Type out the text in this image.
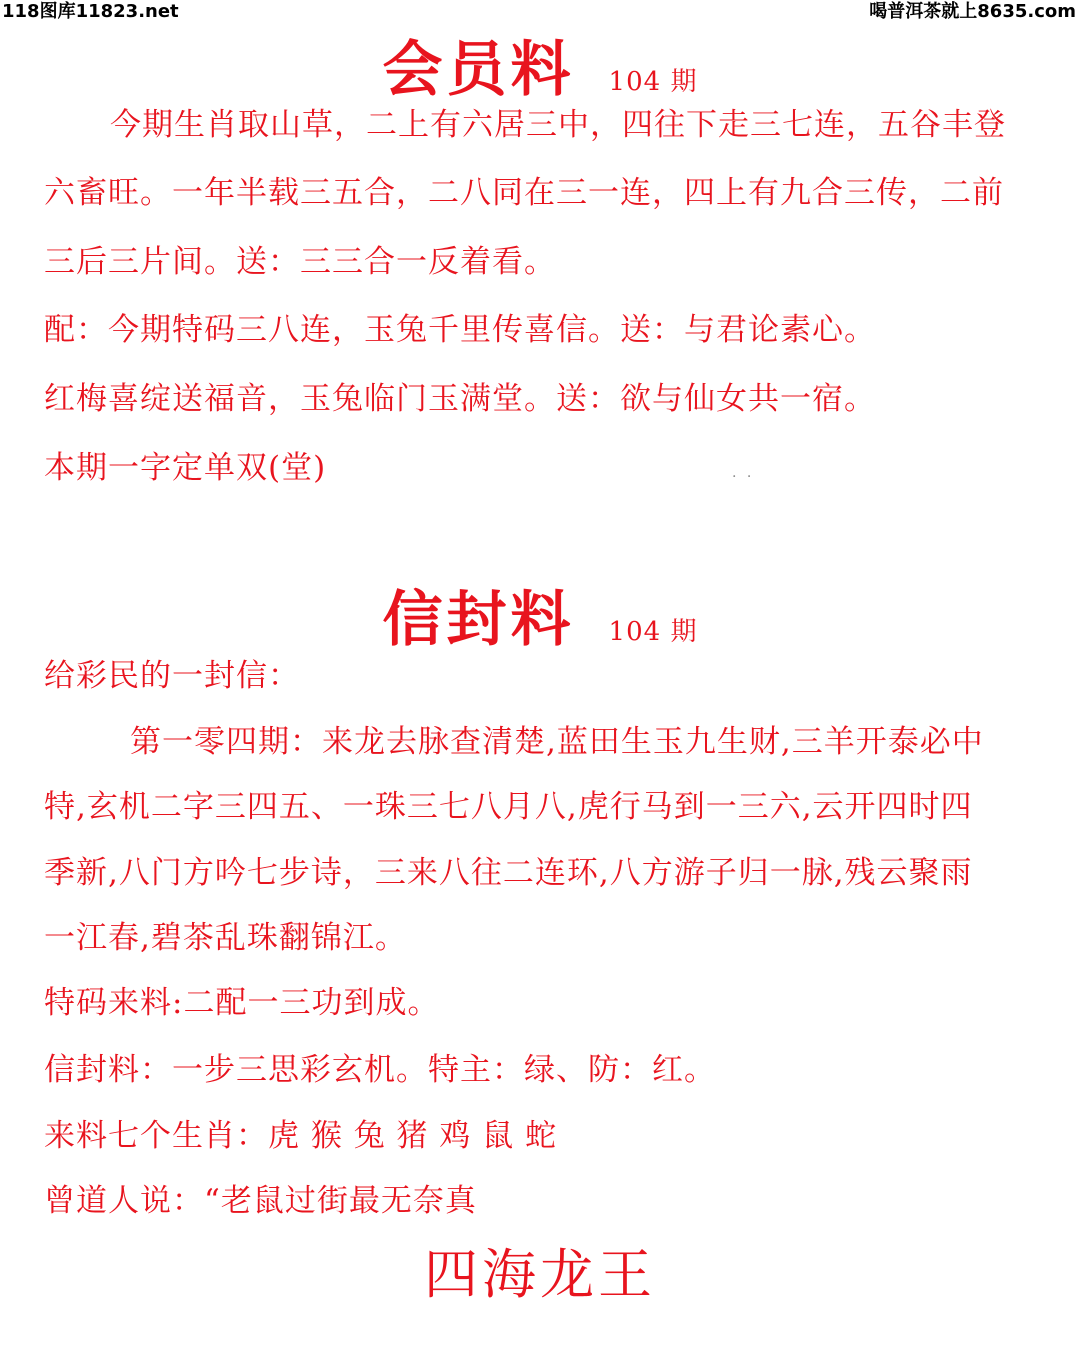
118图库11823.net	喝普洱茶就上8635.com
会员料 104 期
今期生肖取山草，二上有六居三中，四往下走三七连，五谷丰登
六畜旺。一年半载三五合，二八同在三一连，四上有九合三传，二前
三后三片间。送：三三合一反着看。
配：今期特码三八连，玉兔千里传喜信。送：与君论素心。
红梅喜绽送福音，玉兔临门玉满堂。送：欲与仙女共一宿。
本期一字定单双(堂)	. .
信封料 104 期
给彩民的一封信：
第一零四期：来龙去脉查清楚,蓝田生玉九生财,三羊开泰必中
特,玄机二字三四五、一珠三七八月八,虎行马到一三六,云开四时四
季新,八门方吟七步诗，三来八往二连环,八方游子归一脉,残云聚雨
一江春,碧茶乱珠翻锦江。
特码来料:二配一三功到成。
信封料：一步三思彩玄机。特主：绿、防：红。
来料七个生肖：虎 猴 兔 猪 鸡 鼠 蛇
曾道人说：“老鼠过街最无奈真
四海龙王
